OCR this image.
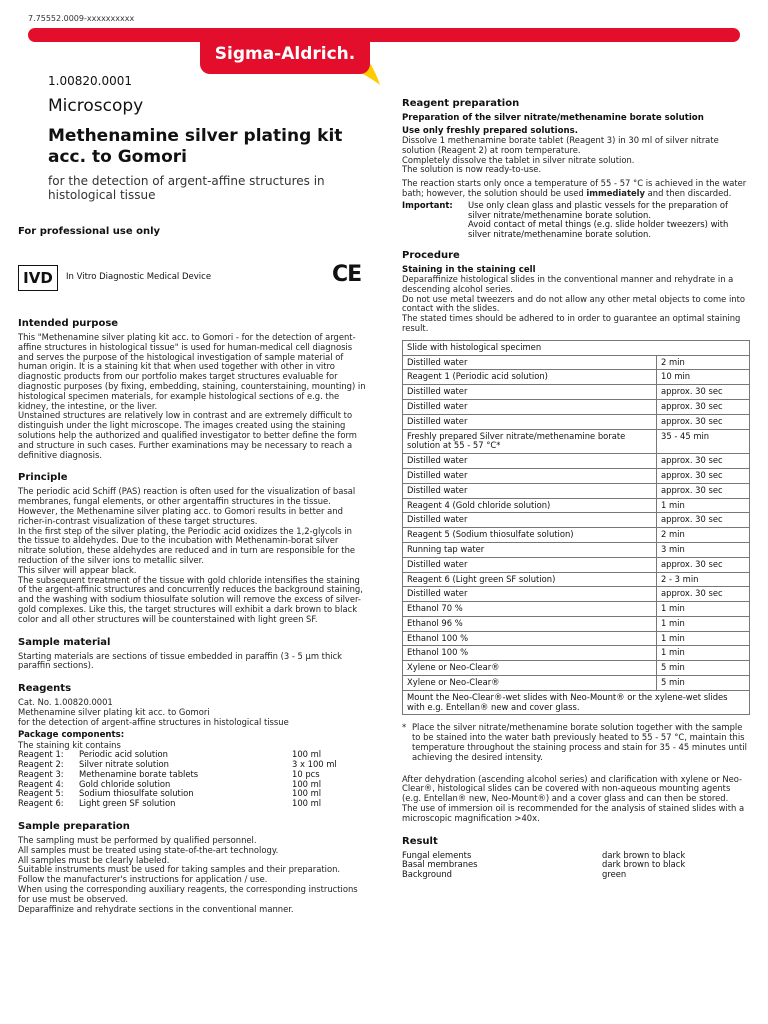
7.75552.0009-xxxxxxxxxx
Sigma-Aldrich.
1.00820.0001
Microscopy
Methenamine silver plating kit acc. to Gomori
for the detection of argent-affine structures in histological tissue
For professional use only
IVD	In Vitro Diagnostic Medical Device	CE
Intended purpose

This "Methenamine silver plating kit acc. to Gomori - for the detection of argent-affine structures in histological tissue" is used for human-medical cell diagnosis and serves the purpose of the histological investigation of sample material of human origin. It is a staining kit that when used together with other in vitro diagnostic products from our portfolio makes target structures evaluable for diagnostic purposes (by fixing, embedding, staining, counterstaining, mounting) in histological specimen materials, for example histological sections of e.g. the kidney, the intestine, or the liver.

Unstained structures are relatively low in contrast and are extremely difficult to distinguish under the light microscope. The images created using the staining solutions help the authorized and qualified investigator to better define the form and structure in such cases. Further examinations may be necessary to reach a definitive diagnosis.

Principle

The periodic acid Schiff (PAS) reaction is often used for the visualization of basal membranes, fungal elements, or other argentaffin structures in the tissue.

However, the Methenamine silver plating acc. to Gomori results in better and richer-in-contrast visualization of these target structures.

In the first step of the silver plating, the Periodic acid oxidizes the 1,2-glycols in the tissue to aldehydes. Due to the incubation with Methenamin-borat silver nitrate solution, these aldehydes are reduced and in turn are responsible for the reduction of the silver ions to metallic silver.

This silver will appear black.

The subsequent treatment of the tissue with gold chloride intensifies the staining of the argent-affinic structures and concurrently reduces the background staining, and the washing with sodium thiosulfate solution will remove the excess of silver-gold complexes. Like this, the target structures will exhibit a dark brown to black color and all other structures will be counterstained with light green SF.

Sample material

Starting materials are sections of tissue embedded in paraffin (3 - 5 µm thick paraffin sections).

Reagents

Cat. No. 1.00820.0001

Methenamine silver plating kit acc. to Gomori

for the detection of argent-affine structures in histological tissue

Package components:

The staining kit contains

Reagent 1:	Periodic acid solution	100 ml
Reagent 2:	Silver nitrate solution	3 x 100 ml
Reagent 3:	Methenamine borate tablets	10 pcs
Reagent 4:	Gold chloride solution	100 ml
Reagent 5:	Sodium thiosulfate solution	100 ml
Reagent 6:	Light green SF solution	100 ml
Sample preparation

The sampling must be performed by qualified personnel.

All samples must be treated using state-of-the-art technology.

All samples must be clearly labeled.

Suitable instruments must be used for taking samples and their preparation. Follow the manufacturer's instructions for application / use.

When using the corresponding auxiliary reagents, the corresponding instructions for use must be observed.

Deparaffinize and rehydrate sections in the conventional manner.

Reagent preparation
Preparation of the silver nitrate/methenamine borate solution
Use only freshly prepared solutions.

Dissolve 1 methenamine borate tablet (Reagent 3) in 30 ml of silver nitrate solution (Reagent 2) at room temperature.

Completely dissolve the tablet in silver nitrate solution.

The solution is now ready-to-use.

The reaction starts only once a temperature of 55 - 57 °C is achieved in the water bath; however, the solution should be used immediately and then discarded.

Important:	Use only clean glass and plastic vessels for the preparation of silver nitrate/methenamine borate solution.
Avoid contact of metal things (e.g. slide holder tweezers) with silver nitrate/methenamine borate solution.
Procedure
Staining in the staining cell

Deparaffinize histological slides in the conventional manner and rehydrate in a descending alcohol series.

Do not use metal tweezers and do not allow any other metal objects to come into contact with the slides.

The stated times should be adhered to in order to guarantee an optimal staining result.

Slide with histological specimen	
Distilled water	2 min
Reagent 1 (Periodic acid solution)	10 min
Distilled water	approx. 30 sec
Distilled water	approx. 30 sec
Distilled water	approx. 30 sec
Freshly prepared Silver nitrate/methenamine borate solution at 55 - 57 °C*	35 - 45 min
Distilled water	approx. 30 sec
Distilled water	approx. 30 sec
Distilled water	approx. 30 sec
Reagent 4 (Gold chloride solution)	1 min
Distilled water	approx. 30 sec
Reagent 5 (Sodium thiosulfate solution)	2 min
Running tap water	3 min
Distilled water	approx. 30 sec
Reagent 6 (Light green SF solution)	2 - 3 min
Distilled water	approx. 30 sec
Ethanol 70 %	1 min
Ethanol 96 %	1 min
Ethanol 100 %	1 min
Ethanol 100 %	1 min
Xylene or Neo-Clear®	5 min
Xylene or Neo-Clear®	5 min
Mount the Neo-Clear®-wet slides with Neo-Mount® or the xylene-wet slides with e.g. Entellan® new and cover glass.	
* Place the silver nitrate/methenamine borate solution together with the sample to be stained into the water bath previously heated to 55 - 57 °C, maintain this temperature throughout the staining process and stain for 35 - 45 minutes until achieving the desired intensity.

After dehydration (ascending alcohol series) and clarification with xylene or Neo-Clear®, histological slides can be covered with non-aqueous mounting agents (e.g. Entellan® new, Neo-Mount®) and a cover glass and can then be stored.

The use of immersion oil is recommended for the analysis of stained slides with a microscopic magnification >40x.

Result
Fungal elements	dark brown to black
Basal membranes	dark brown to black
Background	green
